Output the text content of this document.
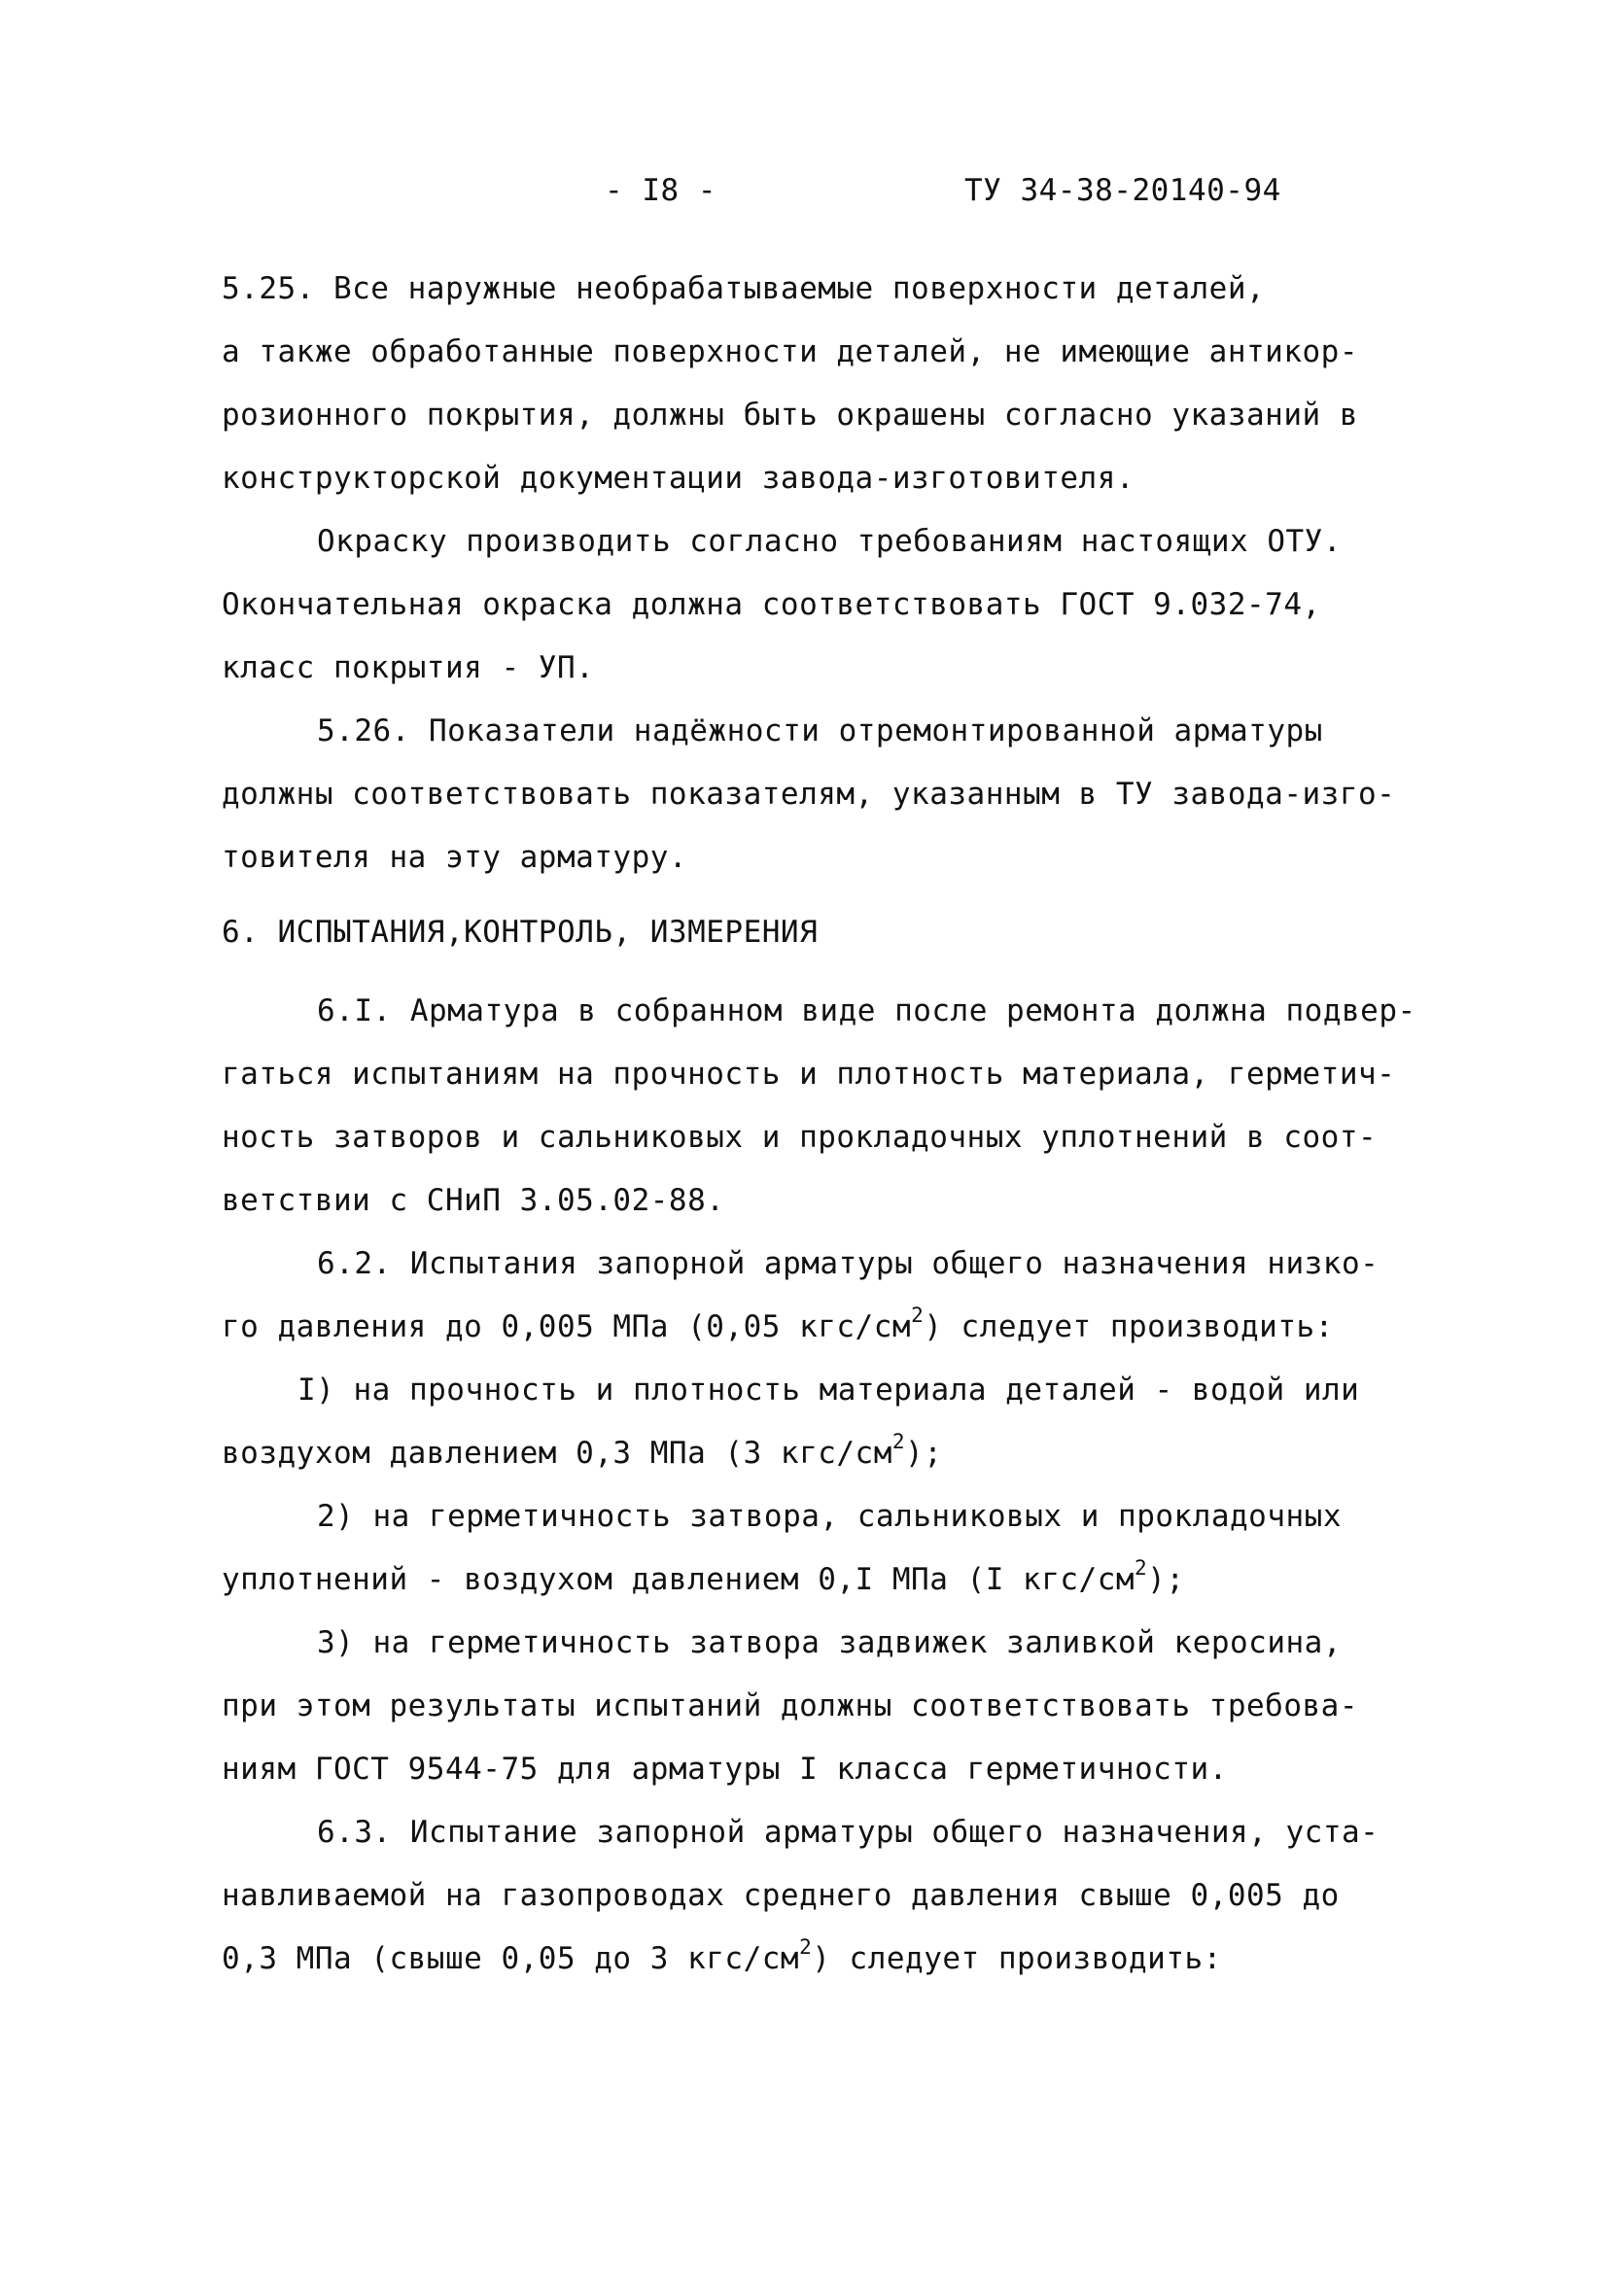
- I8 -	ТУ 34-38-20140-94
5.25. Все наружные необрабатываемые поверхности деталей,
а также обработанные поверхности деталей, не имеющие антикор-
розионного покрытия, должны быть окрашены согласно указаний в
конструкторской документации завода-изготовителя.
Окраску производить согласно требованиям настоящих ОТУ.
Окончательная окраска должна соответствовать ГОСТ 9.032-74,
класс покрытия - УП.
5.26. Показатели надёжности отремонтированной арматуры
должны соответствовать показателям, указанным в ТУ завода-изго-
товителя на эту арматуру.
6. ИСПЫТАНИЯ,КОНТРОЛЬ, ИЗМЕРЕНИЯ
6.I. Арматура в собранном виде после ремонта должна подвер-
гаться испытаниям на прочность и плотность материала, герметич-
ность затворов и сальниковых и прокладочных уплотнений в соот-
ветствии с СНиП 3.05.02-88.
6.2. Испытания запорной арматуры общего назначения низко-
го давления до 0,005 МПа (0,05 кгс/$см^2$) следует производить:
I) на прочность и плотность материала деталей - водой или
воздухом давлением 0,3 МПа (3 кгс/$см^2$);
2) на герметичность затвора, сальниковых и прокладочных
уплотнений - воздухом давлением 0,I МПа (I кгс/$см^2$);
3) на герметичность затвора задвижек заливкой керосина,
при этом результаты испытаний должны соответствовать требова-
ниям ГОСТ 9544-75 для арматуры I класса герметичности.
6.3. Испытание запорной арматуры общего назначения, уста-
навливаемой на газопроводах среднего давления свыше 0,005 до
0,3 МПа (свыше 0,05 до 3 кгс/$см^2$) следует производить:
